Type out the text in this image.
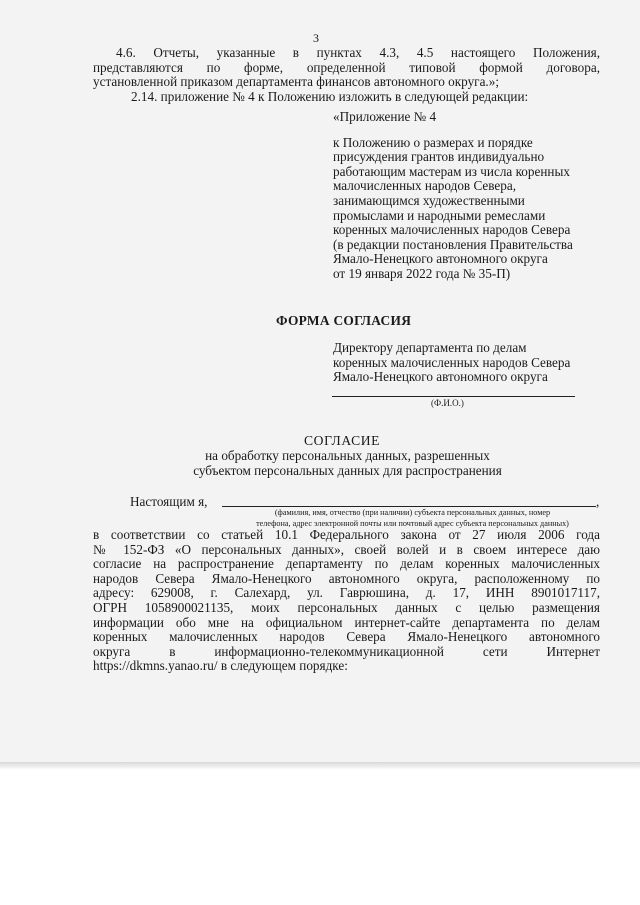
3
4.6. Отчеты, указанные в пунктах 4.3, 4.5 настоящего Положения,
представляются по форме, определенной типовой формой договора,
установленной приказом департамента финансов автономного округа.»;
2.14. приложение № 4 к Положению изложить в следующей редакции:
«Приложение № 4
к Положению о размерах и порядке
присуждения грантов индивидуально
работающим мастерам из числа коренных
малочисленных народов Севера,
занимающимся художественными
промыслами и народными ремеслами
коренных малочисленных народов Севера
(в редакции постановления Правительства
Ямало-Ненецкого автономного округа
от 19 января 2022 года № 35-П)
ФОРМА СОГЛАСИЯ
Директору департамента по делам
коренных малочисленных народов Севера
Ямало-Ненецкого автономного округа
(Ф.И.О.)
СОГЛАСИЕ
на обработку персональных данных, разрешенных
субъектом персональных данных для распространения
Настоящим я,	,
(фамилия, имя, отчество (при наличии) субъекта персональных данных, номер
телефона, адрес электронной почты или почтовый адрес субъекта персональных данных)
в соответствии со статьей 10.1 Федерального закона от 27 июля 2006 года
№ 152-ФЗ «О персональных данных», своей волей и в своем интересе даю
согласие на распространение департаменту по делам коренных малочисленных
народов Севера Ямало-Ненецкого автономного округа, расположенному по
адресу: 629008, г. Салехард, ул. Гаврюшина, д. 17, ИНН 8901017117,
ОГРН 1058900021135, моих персональных данных с целью размещения
информации обо мне на официальном интернет-сайте департамента по делам
коренных малочисленных народов Севера Ямало-Ненецкого автономного
округа в информационно-телекоммуникационной сети Интернет
https://dkmns.yanao.ru/ в следующем порядке:
